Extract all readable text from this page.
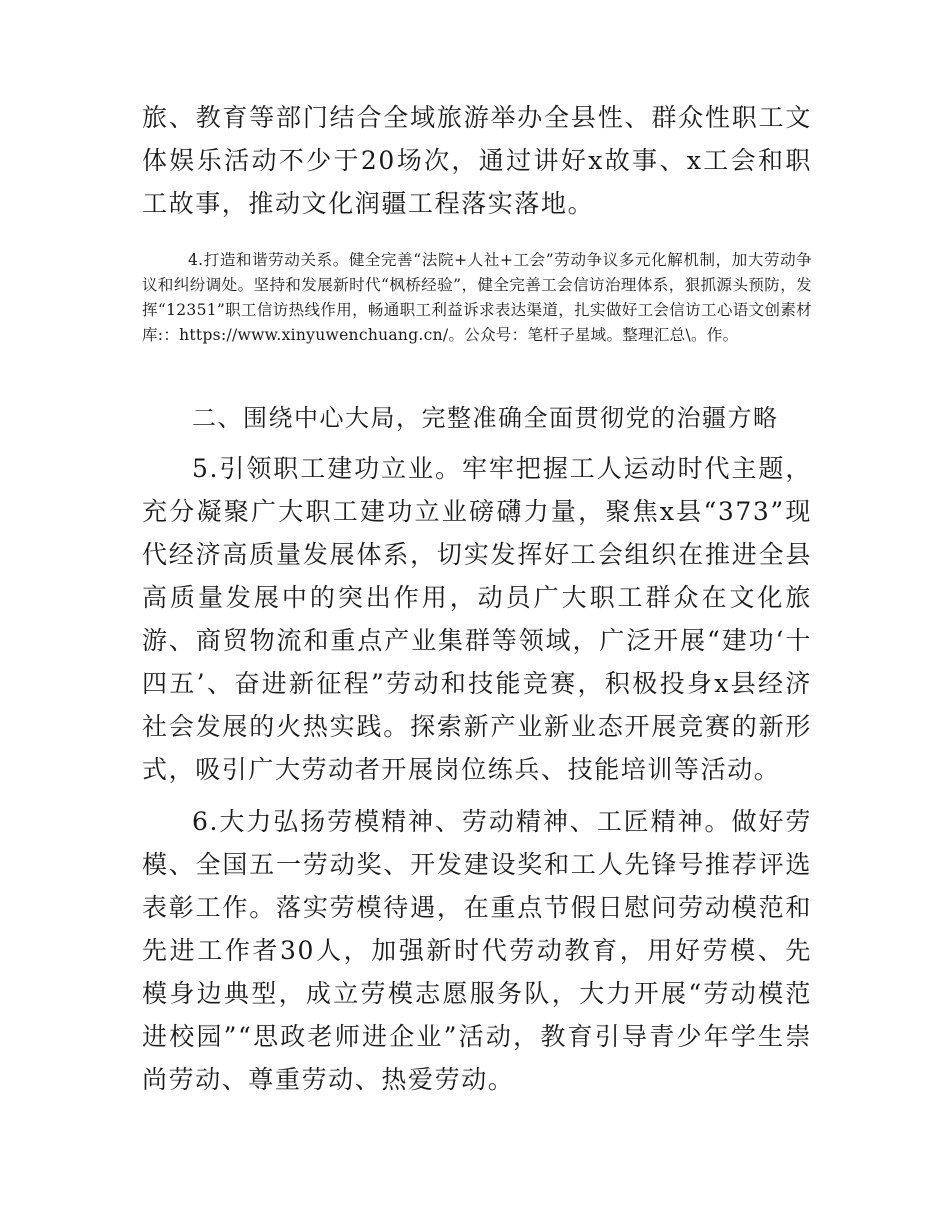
旅、教育等部门结合全域旅游举办全县性、群众性职工文体娱乐活动不少于20场次，通过讲好x故事、x工会和职工故事，推动文化润疆工程落实落地。

4.打造和谐劳动关系。健全完善“法院+人社+工会”劳动争议多元化解机制，加大劳动争议和纠纷调处。坚持和发展新时代“枫桥经验”，健全完善工会信访治理体系，狠抓源头预防，发挥“12351”职工信访热线作用，畅通职工利益诉求表达渠道，扎实做好工会信访工心语文创素材库:：https://www.xinyuwenchuang.cn/。公众号：笔杆子星域。整理汇总\。作。

二、围绕中心大局，完整准确全面贯彻党的治疆方略

5.引领职工建功立业。牢牢把握工人运动时代主题，充分凝聚广大职工建功立业磅礴力量，聚焦x县“373”现代经济高质量发展体系，切实发挥好工会组织在推进全县高质量发展中的突出作用，动员广大职工群众在文化旅游、商贸物流和重点产业集群等领域，广泛开展“建功‘十四五’、奋进新征程”劳动和技能竞赛，积极投身x县经济社会发展的火热实践。探索新产业新业态开展竞赛的新形式，吸引广大劳动者开展岗位练兵、技能培训等活动。

6.大力弘扬劳模精神、劳动精神、工匠精神。做好劳模、全国五一劳动奖、开发建设奖和工人先锋号推荐评选表彰工作。落实劳模待遇，在重点节假日慰问劳动模范和先进工作者30人，加强新时代劳动教育，用好劳模、先模身边典型，成立劳模志愿服务队，大力开展“劳动模范进校园”“思政老师进企业”活动，教育引导青少年学生崇尚劳动、尊重劳动、热爱劳动。
